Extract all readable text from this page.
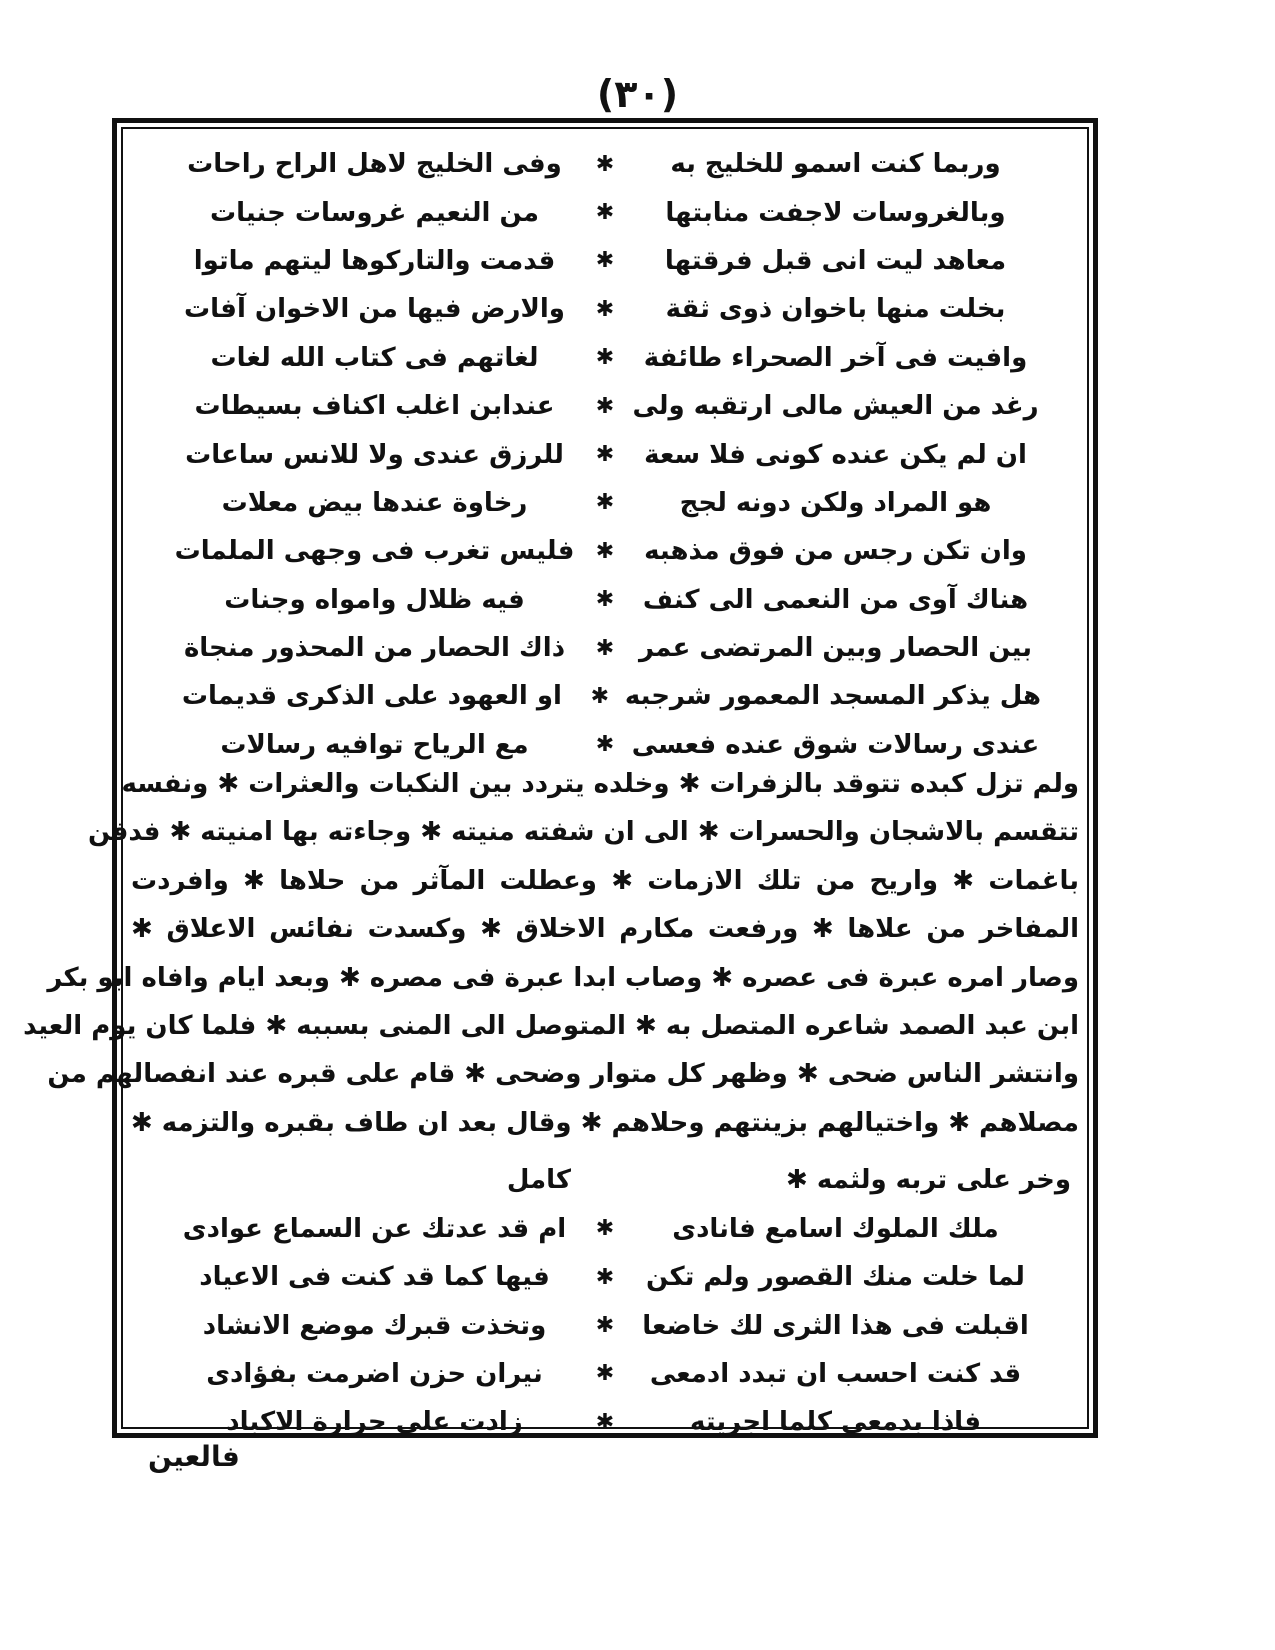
(٣٠)
وربما كنت اسمو للخليج به
✱
وفى الخليج لاهل الراح راحات
وبالغروسات لاجفت منابتها
✱
من النعيم غروسات جنيات
معاهد ليت انى قبل فرقتها
✱
قدمت والتاركوها ليتهم ماتوا
بخلت منها باخوان ذوى ثقة
✱
والارض فيها من الاخوان آفات
وافيت فى آخر الصحراء طائفة
✱
لغاتهم فى كتاب الله لغات
رغد من العيش مالى ارتقبه ولى
✱
عندابن اغلب اكناف بسيطات
ان لم يكن عنده كونى فلا سعة
✱
للرزق عندى ولا للانس ساعات
هو المراد ولكن دونه لجج
✱
رخاوة عندها بيض معلات
وان تكن رجس من فوق مذهبه
✱
فليس تغرب فى وجهى الملمات
هناك آوى من النعمى الى كنف
✱
فيه ظلال وامواه وجنات
بين الحصار وبين المرتضى عمر
✱
ذاك الحصار من المحذور منجاة
هل يذكر المسجد المعمور شرجبه
✱
او العهود على الذكرى قديمات
عندى رسالات شوق عنده فعسى
✱
مع الرياح توافيه رسالات
ولم تزل كبده تتوقد بالزفرات ✱ وخلده يتردد بين النكبات والعثرات ✱ ونفسه
تتقسم بالاشجان والحسرات ✱ الى ان شفته منيته ✱ وجاءته بها امنيته ✱ فدفن
باغمات ✱ واريح من تلك الازمات ✱ وعطلت المآثر من حلاها ✱ وافردت
المفاخر من علاها ✱ ورفعت مكارم الاخلاق ✱ وكسدت نفائس الاعلاق ✱
وصار امره عبرة فى عصره ✱ وصاب ابدا عبرة فى مصره ✱ وبعد ايام وافاه ابو بكر
ابن عبد الصمد شاعره المتصل به ✱ المتوصل الى المنى بسببه ✱ فلما كان يوم العيد
وانتشر الناس ضحى ✱ وظهر كل متوار وضحى ✱ قام على قبره عند انفصالهم من
مصلاهم ✱ واختيالهم بزينتهم وحلاهم ✱ وقال بعد ان طاف بقبره والتزمه ✱
وخر على تربه ولثمه ✱
كامل
ملك الملوك اسامع فانادى
✱
ام قد عدتك عن السماع عوادى
لما خلت منك القصور ولم تكن
✱
فيها كما قد كنت فى الاعياد
اقبلت فى هذا الثرى لك خاضعا
✱
وتخذت قبرك موضع الانشاد
قد كنت احسب ان تبدد ادمعى
✱
نيران حزن اضرمت بفؤادى
فاذا بدمعى كلما اجريته
✱
زادت على حرارة الاكباد
فالعين
